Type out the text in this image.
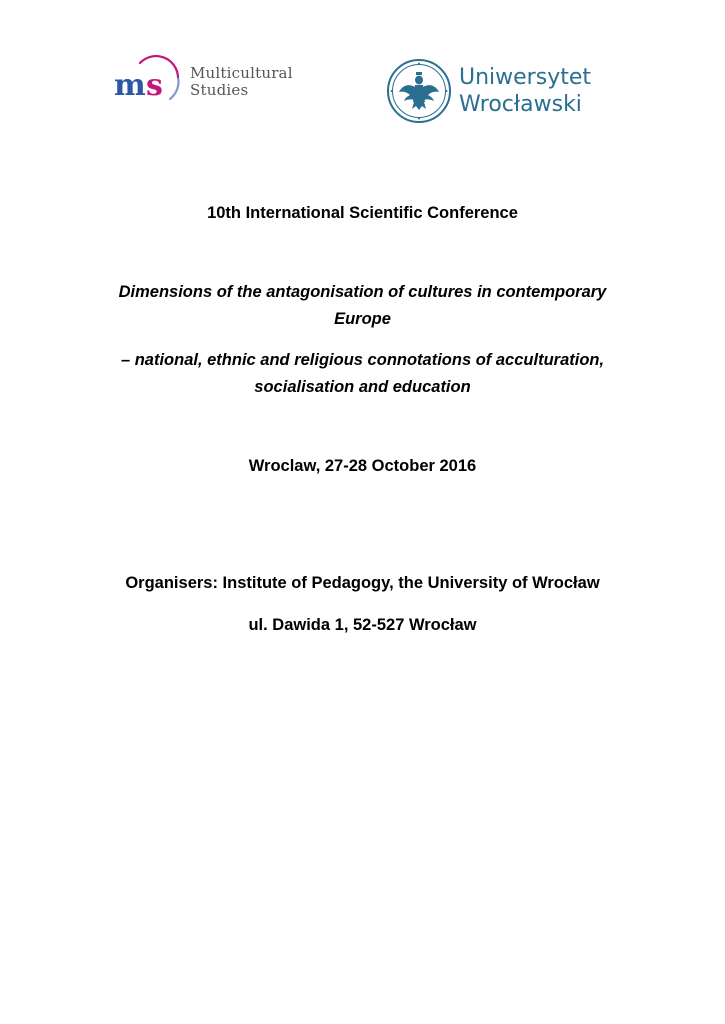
m s Multicultural
Studies	Uniwersytet
Wrocławski
10th International Scientific Conference
Dimensions of the antagonisation of cultures in contemporary
Europe
– national, ethnic and religious connotations of acculturation,
socialisation and education
Wroclaw, 27-28 October 2016
Organisers: Institute of Pedagogy, the University of Wrocław
ul. Dawida 1, 52-527 Wrocław
